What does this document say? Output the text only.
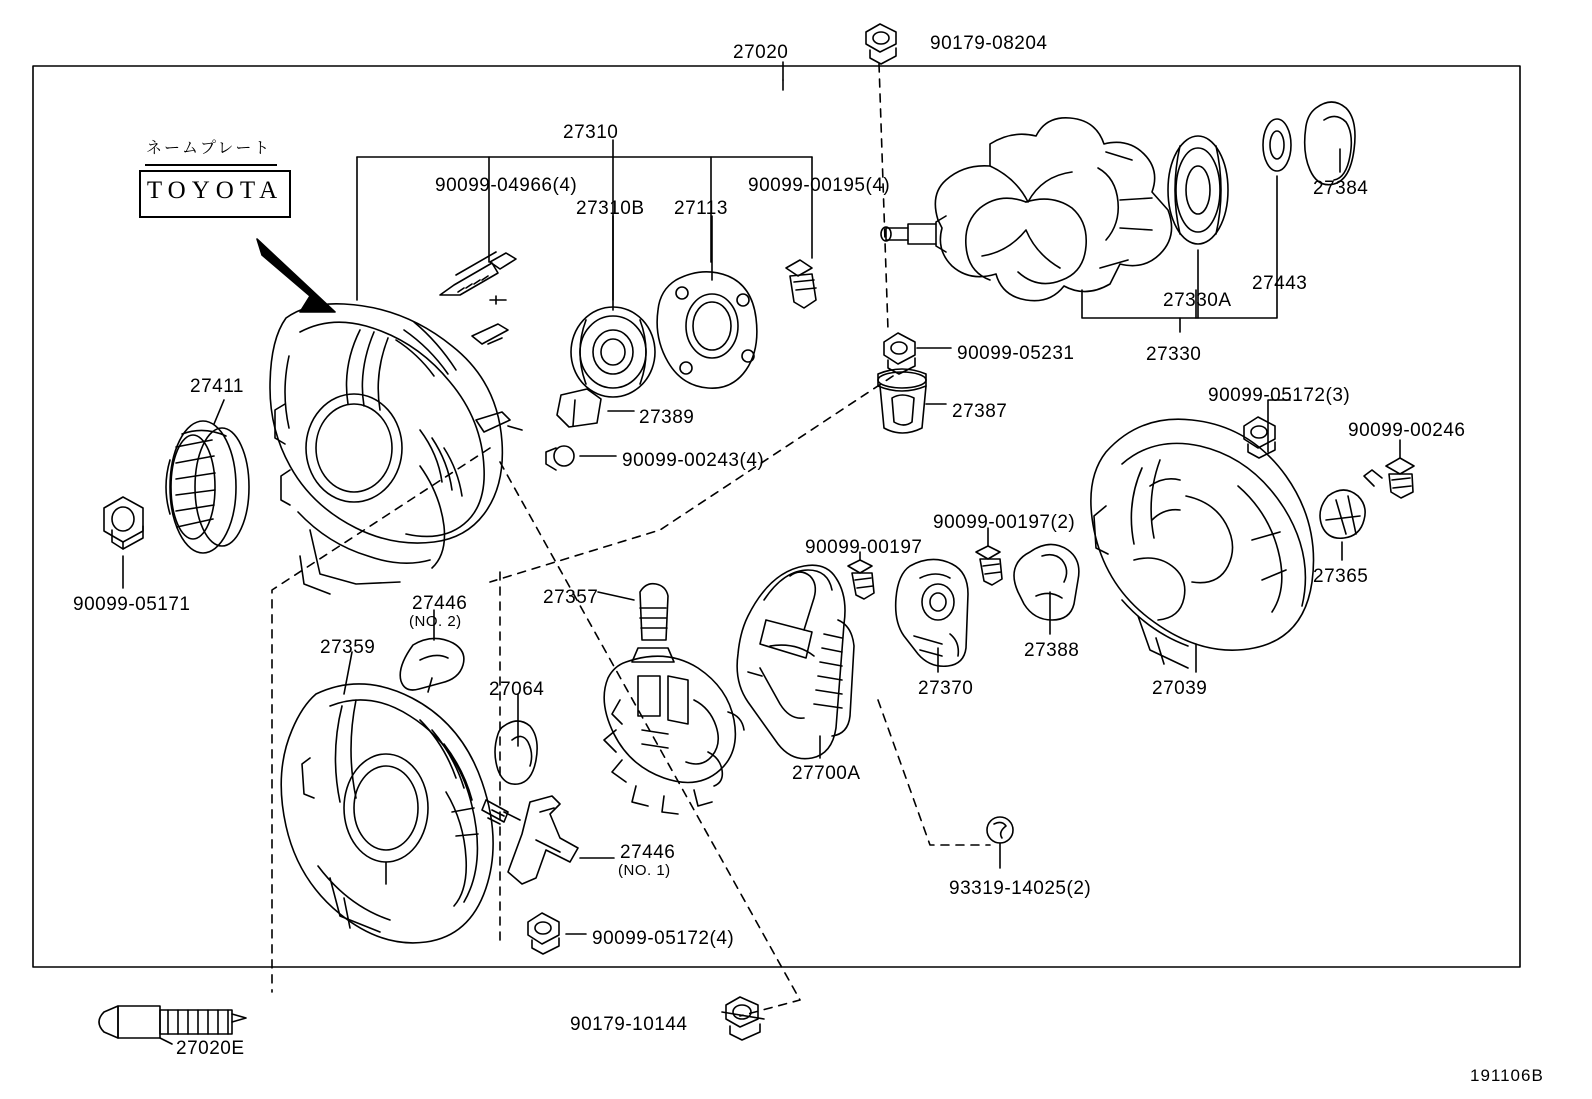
ネームプレート
TOYOTA
27020	90179-08204
27310
90099-04966(4)	90099-00195(4)
27310B	27113
27384
27443
27330A
27330
90099-05231
27389	27387
27411	90099-05172(3)
90099-00246
90099-00243(4)
90099-05171
90099-00197(2)
90099-00197
27365
27357
27446
(NO. 2)
27359	27388
27370	27039
27064
27700A
27446
(NO. 1)
93319-14025(2)
90099-05172(4)
90179-10144
27020E
191106B
